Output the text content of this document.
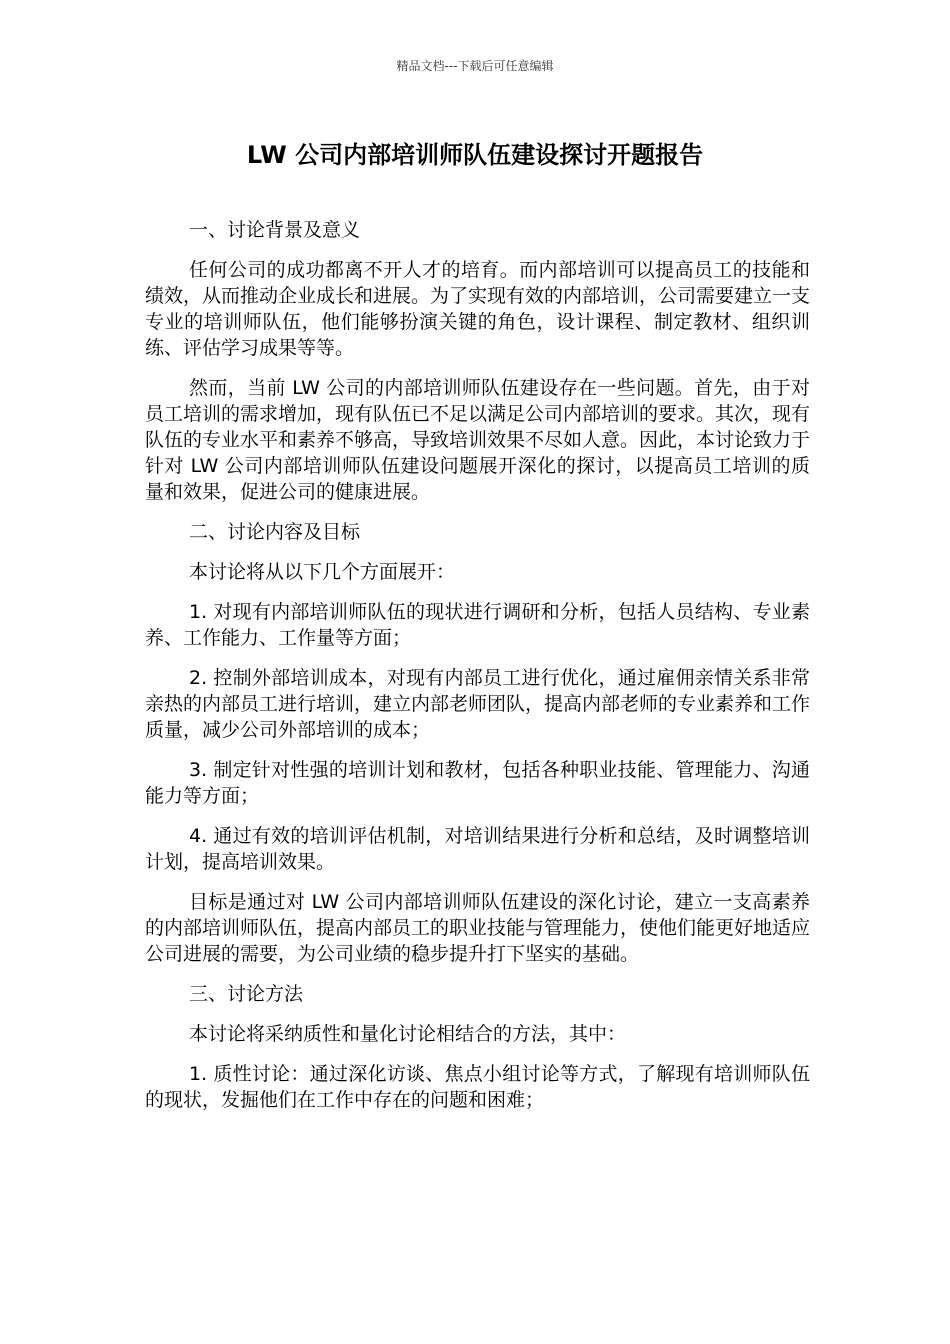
精品文档---下载后可任意编辑
LW 公司内部培训师队伍建设探讨开题报告

一、讨论背景及意义

任何公司的成功都离不开人才的培育。而内部培训可以提高员工的技能和绩效，从而推动企业成长和进展。为了实现有效的内部培训，公司需要建立一支专业的培训师队伍，他们能够扮演关键的角色，设计课程、制定教材、组织训练、评估学习成果等等。

然而，当前 LW 公司的内部培训师队伍建设存在一些问题。首先，由于对员工培训的需求增加，现有队伍已不足以满足公司内部培训的要求。其次，现有队伍的专业水平和素养不够高，导致培训效果不尽如人意。因此，本讨论致力于针对 LW 公司内部培训师队伍建设问题展开深化的探讨，以提高员工培训的质量和效果，促进公司的健康进展。

二、讨论内容及目标

本讨论将从以下几个方面展开：

1. 对现有内部培训师队伍的现状进行调研和分析，包括人员结构、专业素养、工作能力、工作量等方面；

2. 控制外部培训成本，对现有内部员工进行优化，通过雇佣亲情关系非常亲热的内部员工进行培训，建立内部老师团队，提高内部老师的专业素养和工作质量，减少公司外部培训的成本；

3. 制定针对性强的培训计划和教材，包括各种职业技能、管理能力、沟通能力等方面；

4. 通过有效的培训评估机制，对培训结果进行分析和总结，及时调整培训计划，提高培训效果。

目标是通过对 LW 公司内部培训师队伍建设的深化讨论，建立一支高素养的内部培训师队伍，提高内部员工的职业技能与管理能力，使他们能更好地适应公司进展的需要，为公司业绩的稳步提升打下坚实的基础。

三、讨论方法

本讨论将采纳质性和量化讨论相结合的方法，其中：

1. 质性讨论：通过深化访谈、焦点小组讨论等方式，了解现有培训师队伍的现状，发掘他们在工作中存在的问题和困难；
